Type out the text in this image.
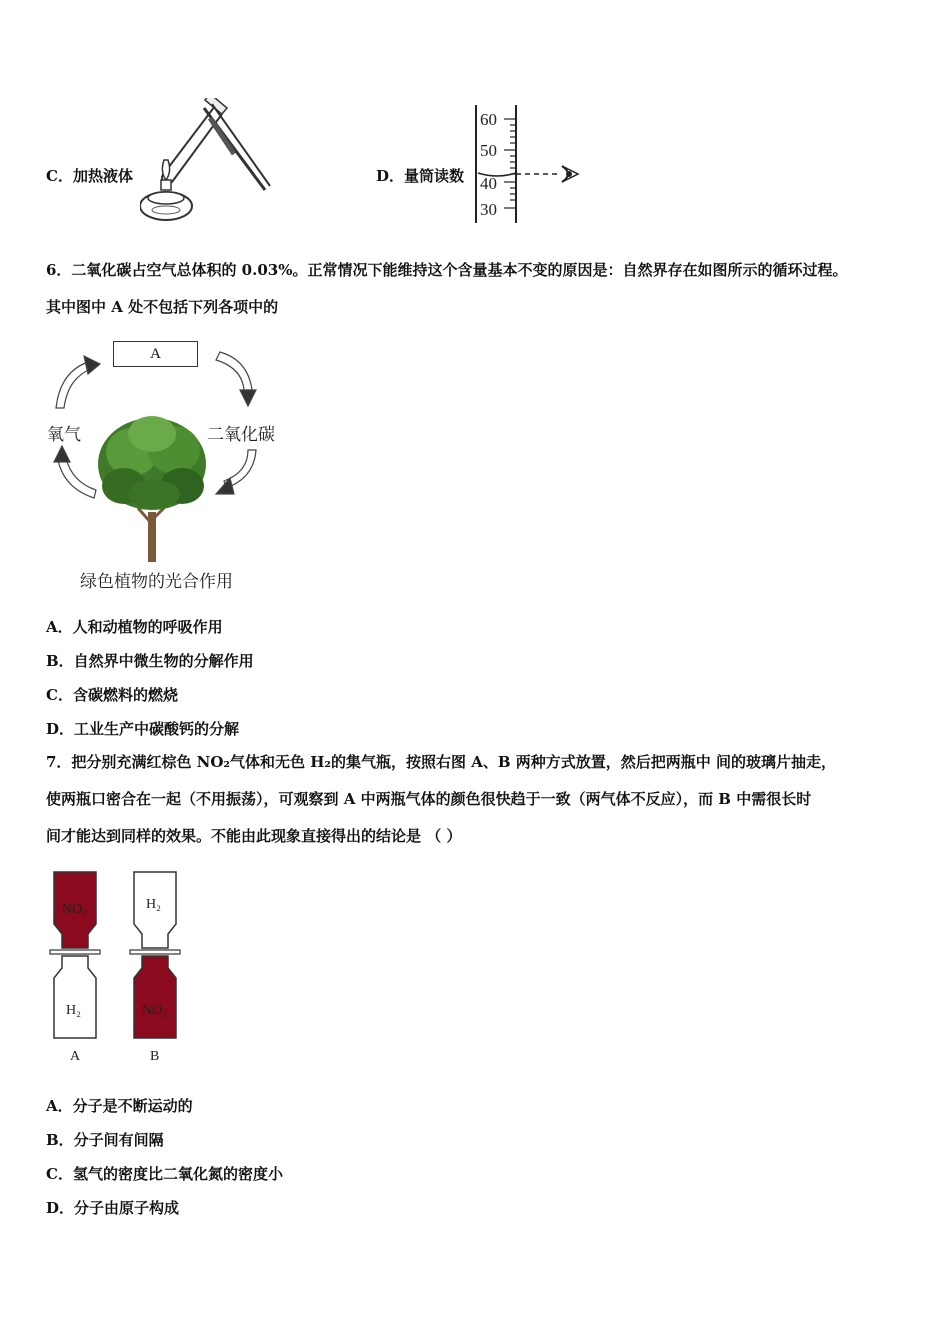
C．加热液体	D．量筒读数
60
50
40
30
6．二氧化碳占空气总体积的 0.03%。正常情况下能维持这个含量基本不变的原因是：自然界存在如图所示的循环过程。
其中图中 A 处不包括下列各项中的
A
氧气	二氧化碳
绿色植物的光合作用
A．人和动植物的呼吸作用
B．自然界中微生物的分解作用
C．含碳燃料的燃烧
D．工业生产中碳酸钙的分解
7．把分别充满红棕色 NO₂气体和无色 H₂的集气瓶，按照右图 A、B 两种方式放置，然后把两瓶中 间的玻璃片抽走，
使两瓶口密合在一起（不用振荡），可观察到 A 中两瓶气体的颜色很快趋于一致（两气体不反应），而 B 中需很长时
间才能达到同样的效果。不能由此现象直接得出的结论是 （ ）
NO₂
H₂
A
H₂
NO₂
B
A．分子是不断运动的
B．分子间有间隔
C．氢气的密度比二氧化氮的密度小
D．分子由原子构成
